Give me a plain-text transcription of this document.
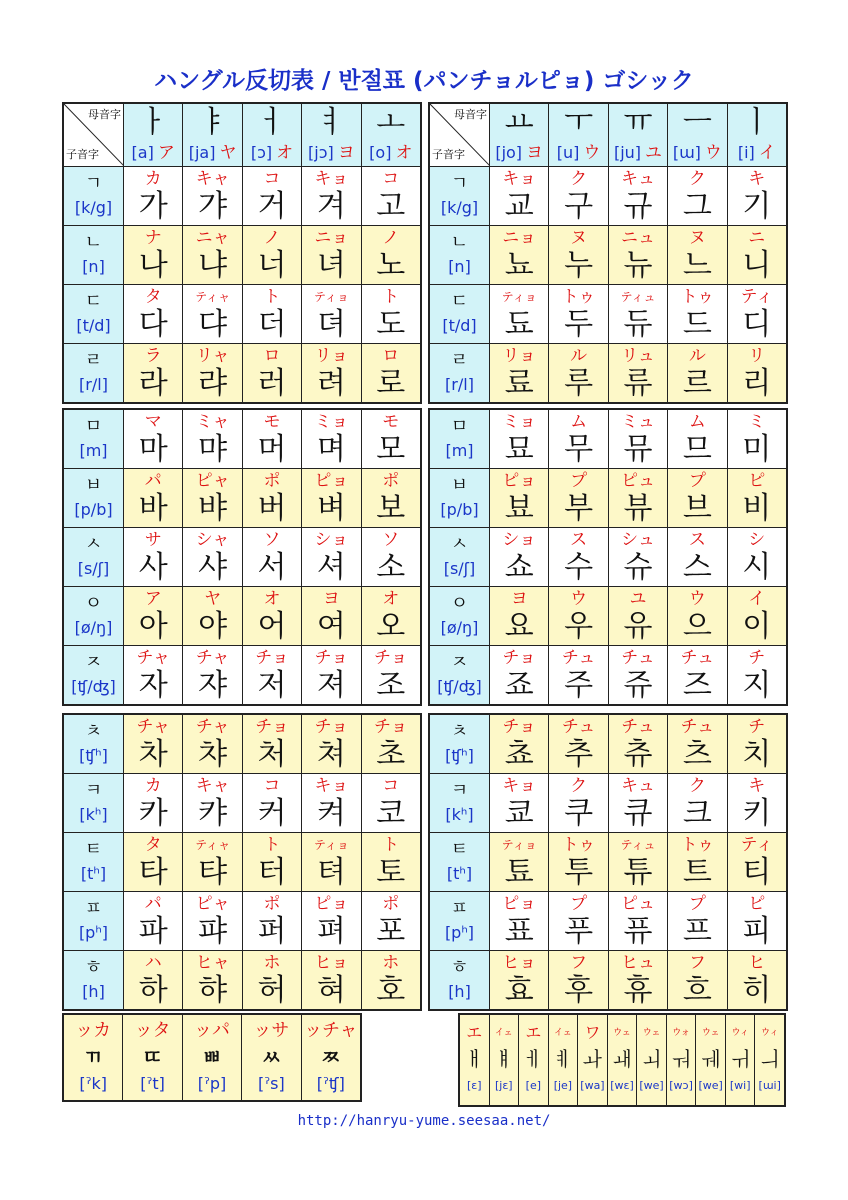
ハングル反切表 / 반절표 (パンチョルピョ) ゴシック
母音字
子音字
ㅏ
[a] ア
ㅑ
[ja] ヤ
ㅓ
[ɔ] オ
ㅕ
[jɔ] ヨ
ㅗ
[o] オ
ㄱ
[k/g]
カ
가
キャ
갸
コ
거
キョ
겨
コ
고
ㄴ
[n]
ナ
나
ニャ
냐
ノ
너
ニョ
녀
ノ
노
ㄷ
[t/d]
タ
다
ティャ
댜
ト
더
ティョ
뎌
ト
도
ㄹ
[r/l]
ラ
라
リャ
랴
ロ
러
リョ
려
ロ
로
ㅁ
[m]
マ
마
ミャ
먀
モ
머
ミョ
며
モ
모
ㅂ
[p/b]
パ
바
ピャ
뱌
ポ
버
ピョ
벼
ポ
보
ㅅ
[s/ʃ]
サ
사
シャ
샤
ソ
서
ショ
셔
ソ
소
ㅇ
[ø/ŋ]
ア
아
ヤ
야
オ
어
ヨ
여
オ
오
ㅈ
[ʧ/ʤ]
チャ
자
チャ
쟈
チョ
저
チョ
져
チョ
조
ㅊ
[ʧʰ]
チャ
차
チャ
챠
チョ
처
チョ
쳐
チョ
초
ㅋ
[kʰ]
カ
카
キャ
캬
コ
커
キョ
켜
コ
코
ㅌ
[tʰ]
タ
타
ティャ
탸
ト
터
ティョ
텨
ト
토
ㅍ
[pʰ]
パ
파
ピャ
퍄
ポ
퍼
ピョ
펴
ポ
포
ㅎ
[h]
ハ
하
ヒャ
햐
ホ
허
ヒョ
혀
ホ
호
母音字
子音字
ㅛ
[jo] ヨ
ㅜ
[u] ウ
ㅠ
[ju] ユ
ㅡ
[ɯ] ウ
ㅣ
[i] イ
ㄱ
[k/g]
キョ
교
ク
구
キュ
규
ク
그
キ
기
ㄴ
[n]
ニョ
뇨
ヌ
누
ニュ
뉴
ヌ
느
ニ
니
ㄷ
[t/d]
ティョ
됴
トゥ
두
ティュ
듀
トゥ
드
ティ
디
ㄹ
[r/l]
リョ
료
ル
루
リュ
류
ル
르
リ
리
ㅁ
[m]
ミョ
묘
ム
무
ミュ
뮤
ム
므
ミ
미
ㅂ
[p/b]
ピョ
뵤
プ
부
ピュ
뷰
プ
브
ピ
비
ㅅ
[s/ʃ]
ショ
쇼
ス
수
シュ
슈
ス
스
シ
시
ㅇ
[ø/ŋ]
ヨ
요
ウ
우
ユ
유
ウ
으
イ
이
ㅈ
[ʧ/ʤ]
チョ
죠
チュ
주
チュ
쥬
チュ
즈
チ
지
ㅊ
[ʧʰ]
チョ
쵸
チュ
추
チュ
츄
チュ
츠
チ
치
ㅋ
[kʰ]
キョ
쿄
ク
쿠
キュ
큐
ク
크
キ
키
ㅌ
[tʰ]
ティョ
툐
トゥ
투
ティュ
튜
トゥ
트
ティ
티
ㅍ
[pʰ]
ピョ
표
プ
푸
ピュ
퓨
プ
프
ピ
피
ㅎ
[h]
ヒョ
효
フ
후
ヒュ
휴
フ
흐
ヒ
히
ッカ
ㄲ
[ˀk]
ッタ
ㄸ
[ˀt]
ッパ
ㅃ
[ˀp]
ッサ
ㅆ
[ˀs]
ッチャ
ㅉ
[ˀʧ]
エ
ㅐ
[ɛ]
イェ
ㅒ
[jɛ]
エ
ㅔ
[e]
イェ
ㅖ
[je]
ワ
ㅘ
[wa]
ウェ
ㅙ
[wɛ]
ウェ
ㅚ
[we]
ウォ
ㅝ
[wɔ]
ウェ
ㅞ
[we]
ウィ
ㅟ
[wi]
ウィ
ㅢ
[ɯi]
http://hanryu-yume.seesaa.net/
